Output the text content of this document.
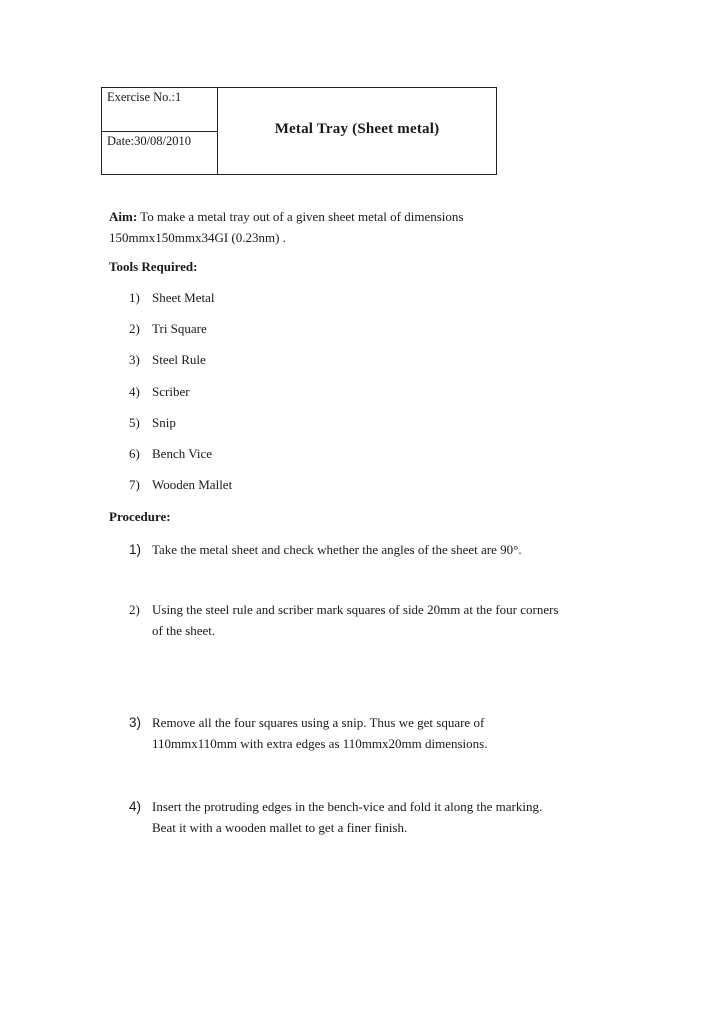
Exercise No.:1
Date:30/08/2010
Metal Tray (Sheet metal)
Aim: To make a metal tray out of a given sheet metal of dimensions
150mmx150mmx34GI (0.23nm) .
Tools Required:
1) Sheet Metal
2) Tri Square
3) Steel Rule
4) Scriber
5) Snip
6) Bench Vice
7) Wooden Mallet
Procedure:
1) Take the metal sheet and check whether the angles of the sheet are 90°.
2) Using the steel rule and scriber mark squares of side 20mm at the four corners
of the sheet.
3) Remove all the four squares using a snip. Thus we get square of
110mmx110mm with extra edges as 110mmx20mm dimensions.
4) Insert the protruding edges in the bench-vice and fold it along the marking.
Beat it with a wooden mallet to get a finer finish.
